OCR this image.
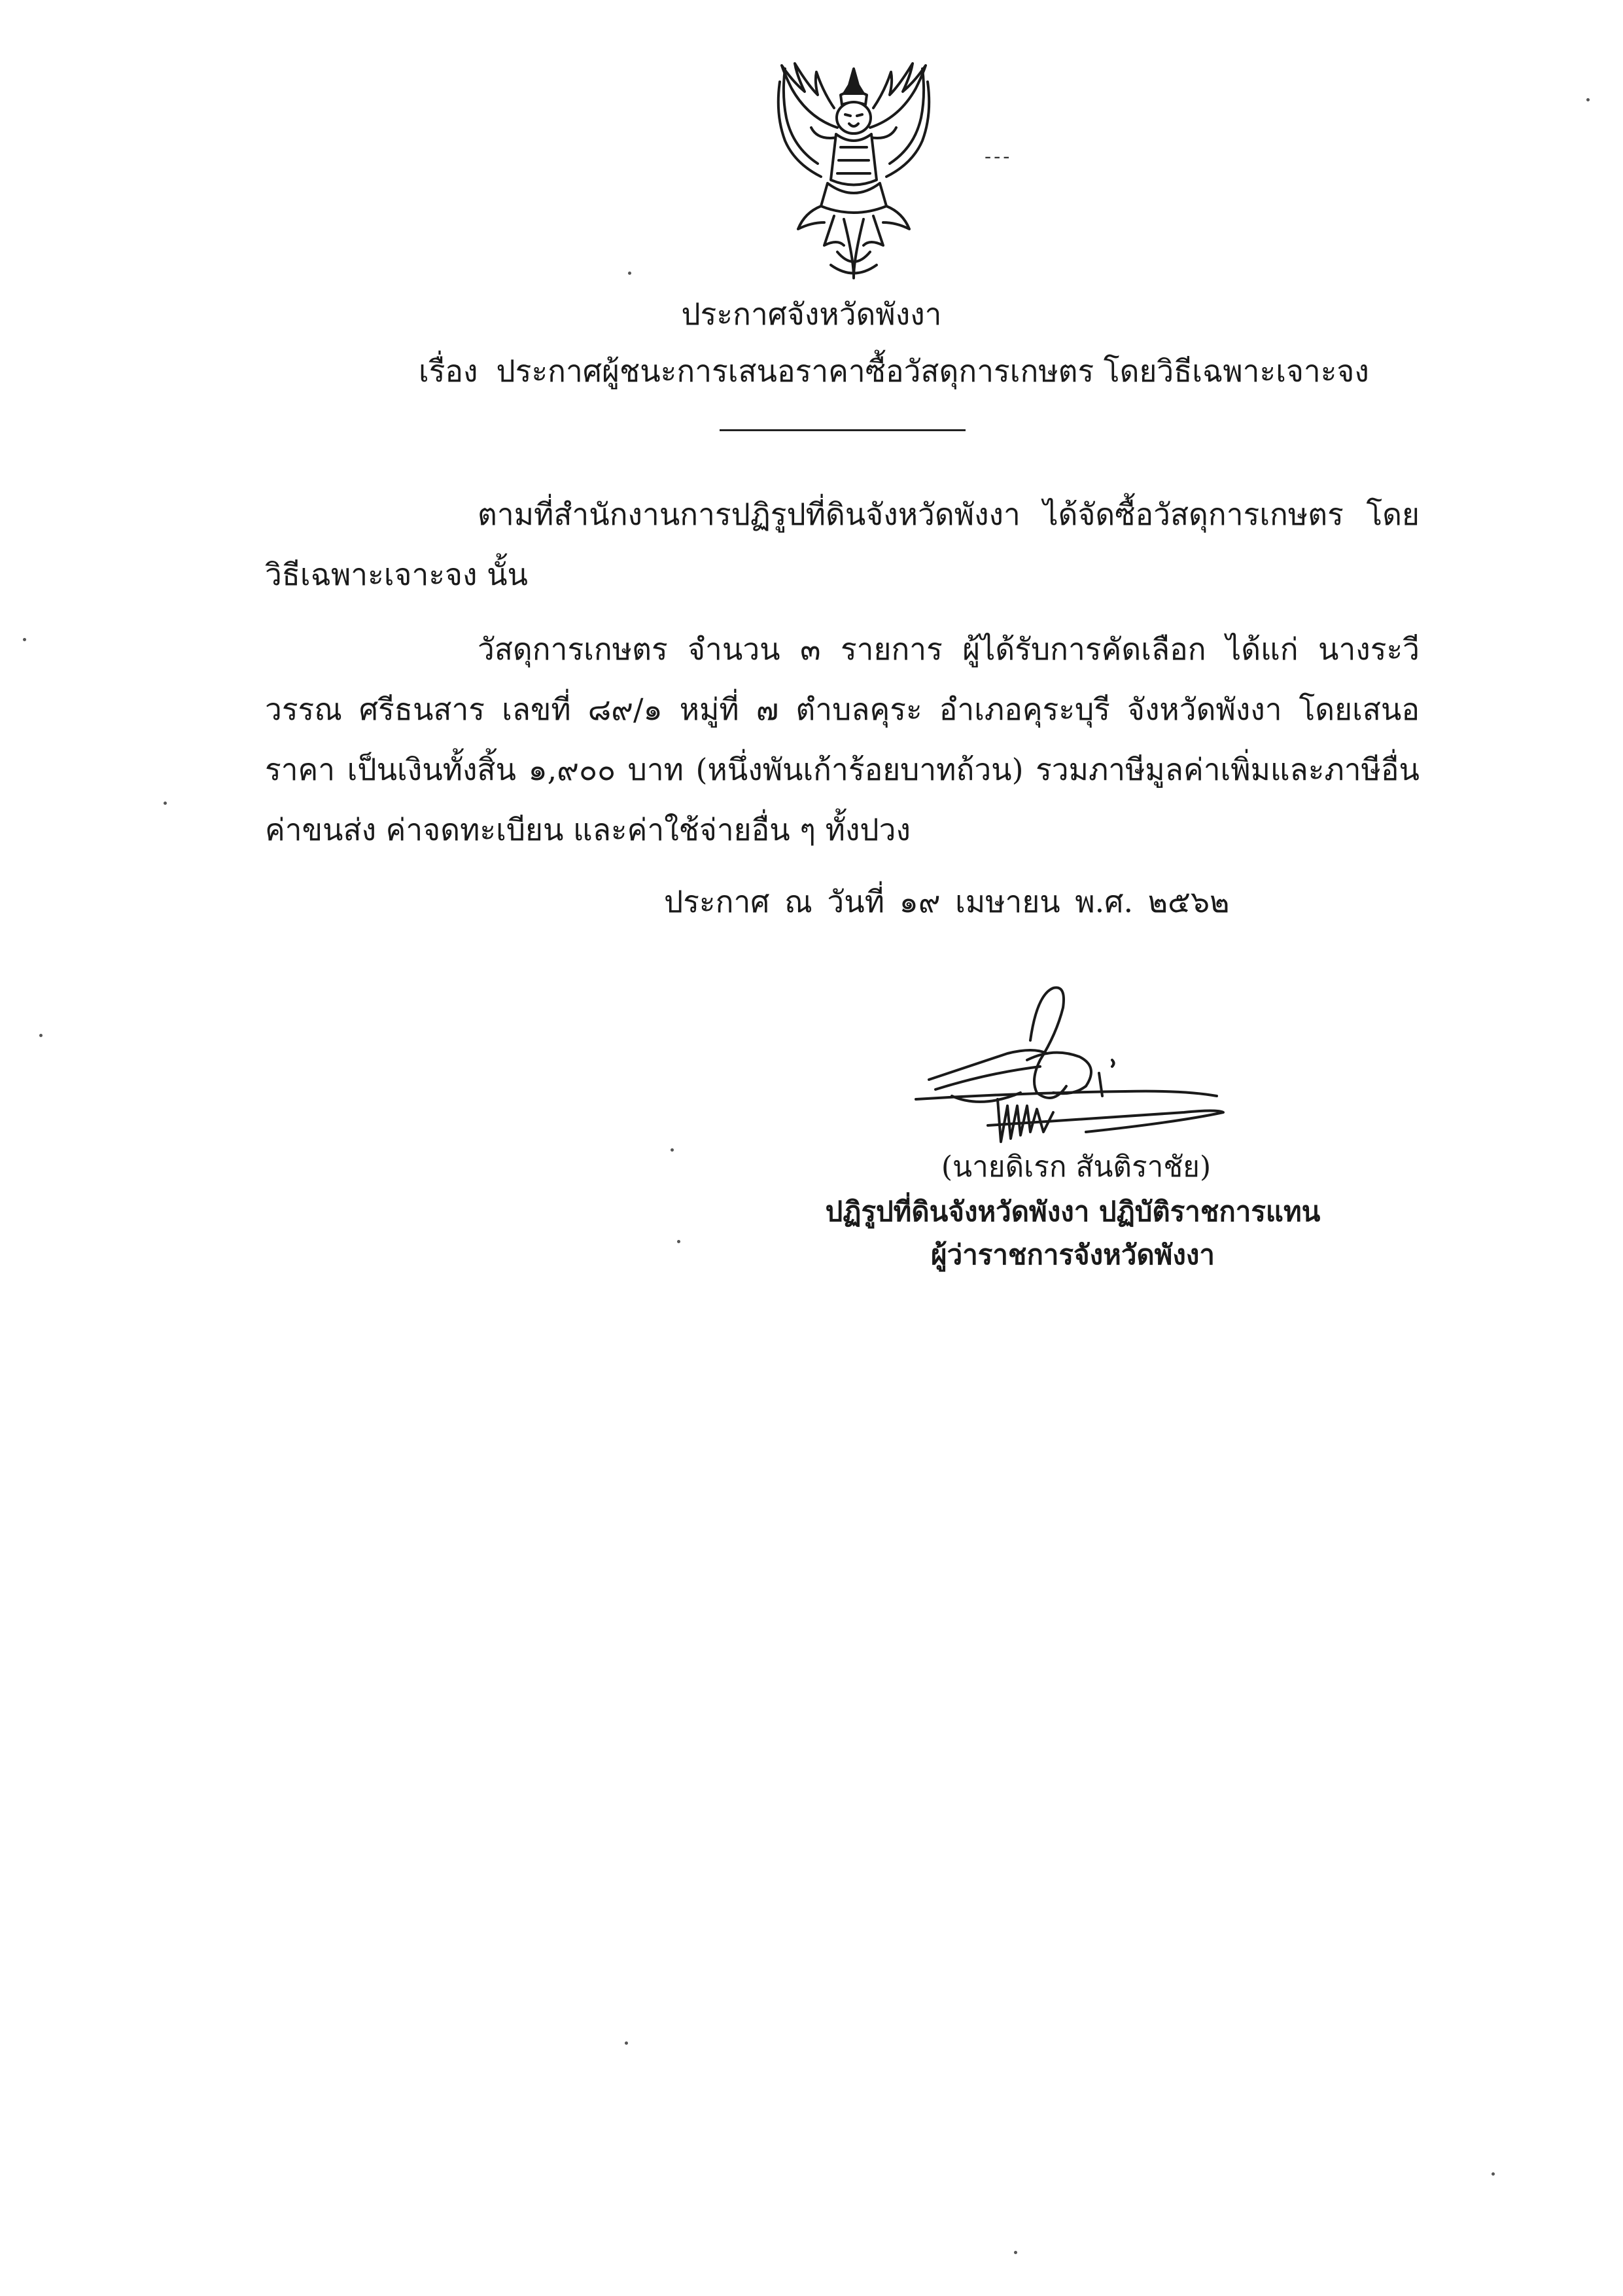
---
ประกาศจังหวัดพังงา
เรื่อง ประกาศผู้ชนะการเสนอราคาซื้อวัสดุการเกษตร โดยวิธีเฉพาะเจาะจง
ตามที่สำนักงานการปฏิรูปที่ดินจังหวัดพังงา ได้จัดซื้อวัสดุการเกษตร โดยวิธีเฉพาะเจาะจง นั้น
วัสดุการเกษตร จำนวน ๓ รายการ ผู้ได้รับการคัดเลือก ได้แก่ นางระวีวรรณ ศรีธนสาร เลขที่ ๘๙/๑ หมู่ที่ ๗ ตำบลคุระ อำเภอคุระบุรี จังหวัดพังงา โดยเสนอราคา เป็นเงินทั้งสิ้น ๑,๙๐๐ บาท (หนึ่งพันเก้าร้อยบาทถ้วน) รวมภาษีมูลค่าเพิ่มและภาษีอื่น ค่าขนส่ง ค่าจดทะเบียน และค่าใช้จ่ายอื่น ๆ ทั้งปวง
ประกาศ ณ วันที่ ๑๙ เมษายน พ.ศ. ๒๕๖๒
(นายดิเรก สันติราชัย)
ปฏิรูปที่ดินจังหวัดพังงา ปฏิบัติราชการแทน
ผู้ว่าราชการจังหวัดพังงา
